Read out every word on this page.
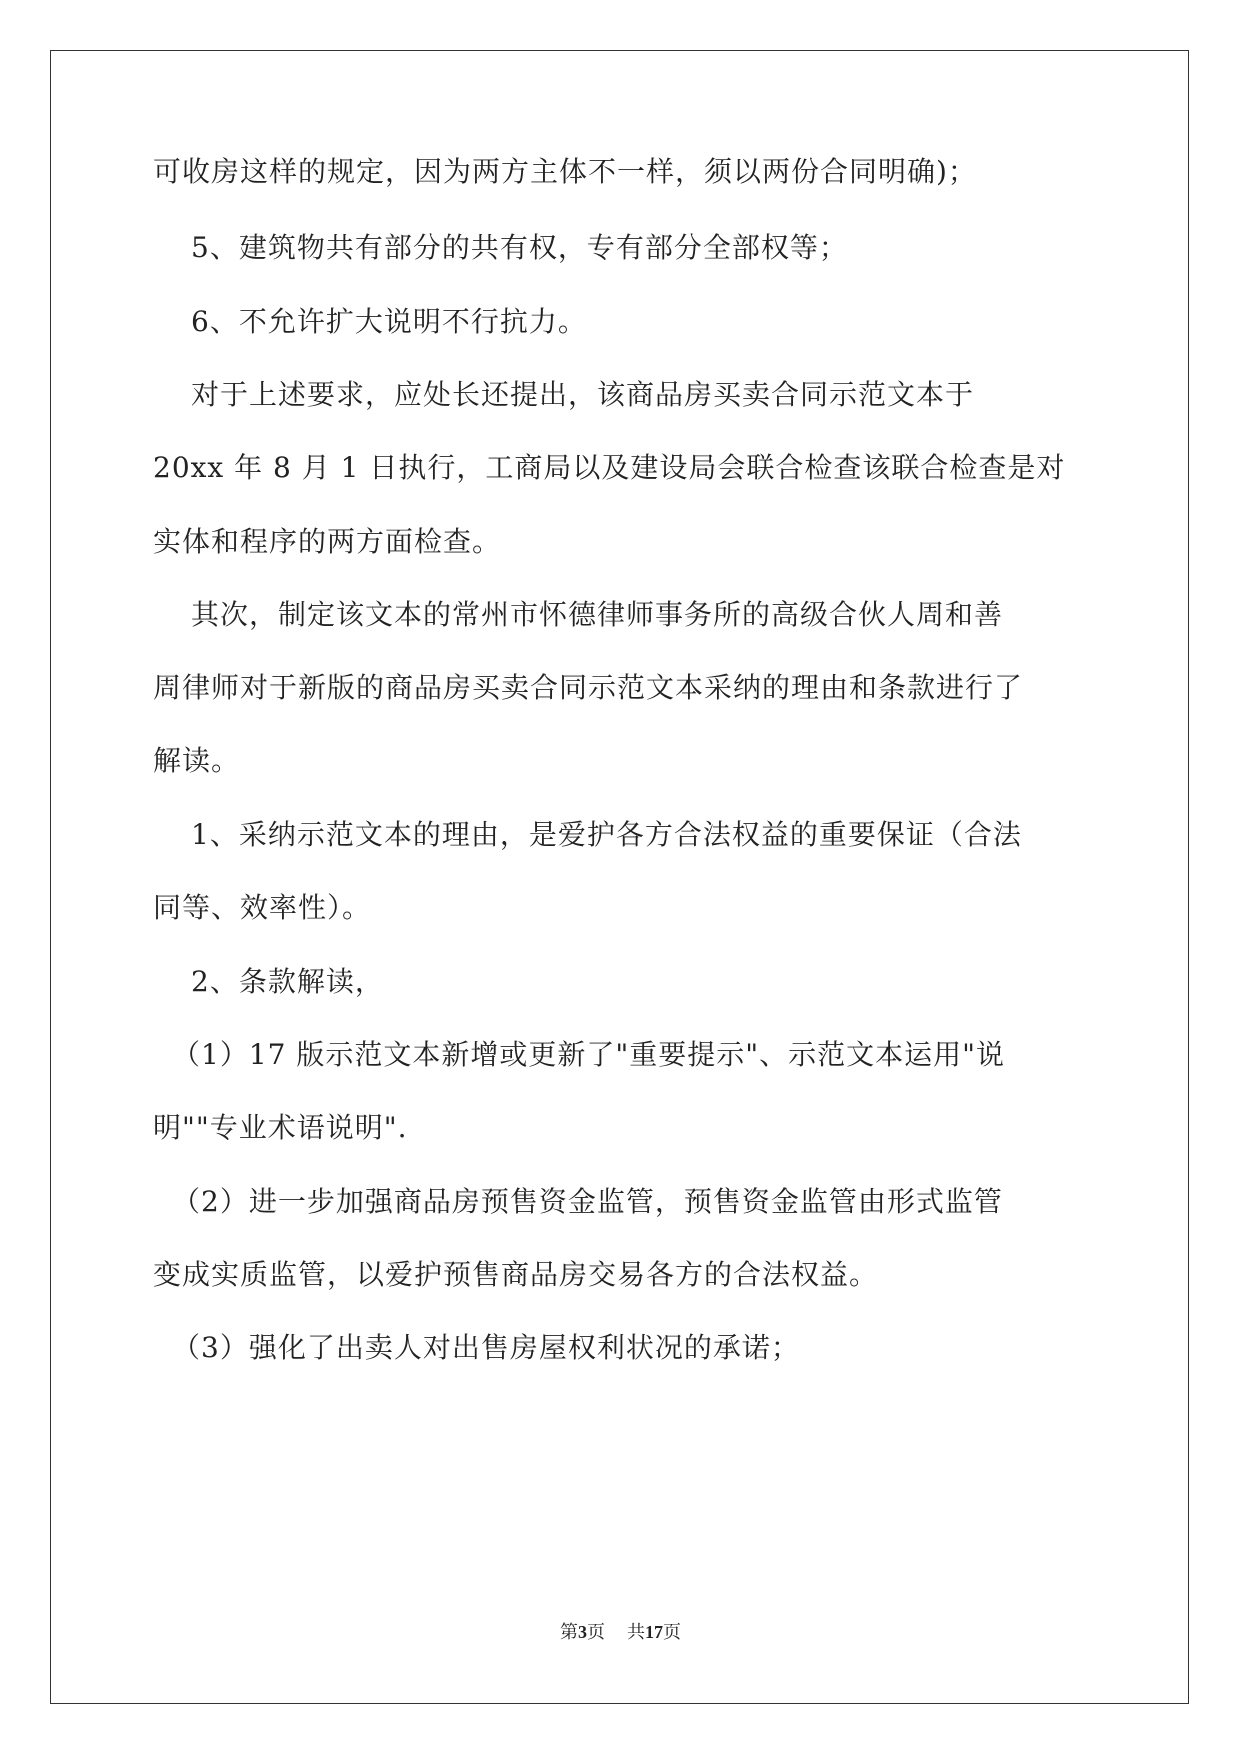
可收房这样的规定，因为两方主体不一样，须以两份合同明确)；
5、建筑物共有部分的共有权，专有部分全部权等；
6、不允许扩大说明不行抗力。
对于上述要求，应处长还提出，该商品房买卖合同示范文本于
20xx 年 8 月 1 日执行，工商局以及建设局会联合检查该联合检查是对
实体和程序的两方面检查。
其次，制定该文本的常州市怀德律师事务所的高级合伙人周和善
周律师对于新版的商品房买卖合同示范文本采纳的理由和条款进行了
解读。
1、采纳示范文本的理由，是爱护各方合法权益的重要保证（合法
同等、效率性）。
2、条款解读，
（1）17 版示范文本新增或更新了"重要提示"、示范文本运用"说
明""专业术语说明".
（2）进一步加强商品房预售资金监管，预售资金监管由形式监管
变成实质监管，以爱护预售商品房交易各方的合法权益。
（3）强化了出卖人对出售房屋权利状况的承诺；
第3页 共17页
